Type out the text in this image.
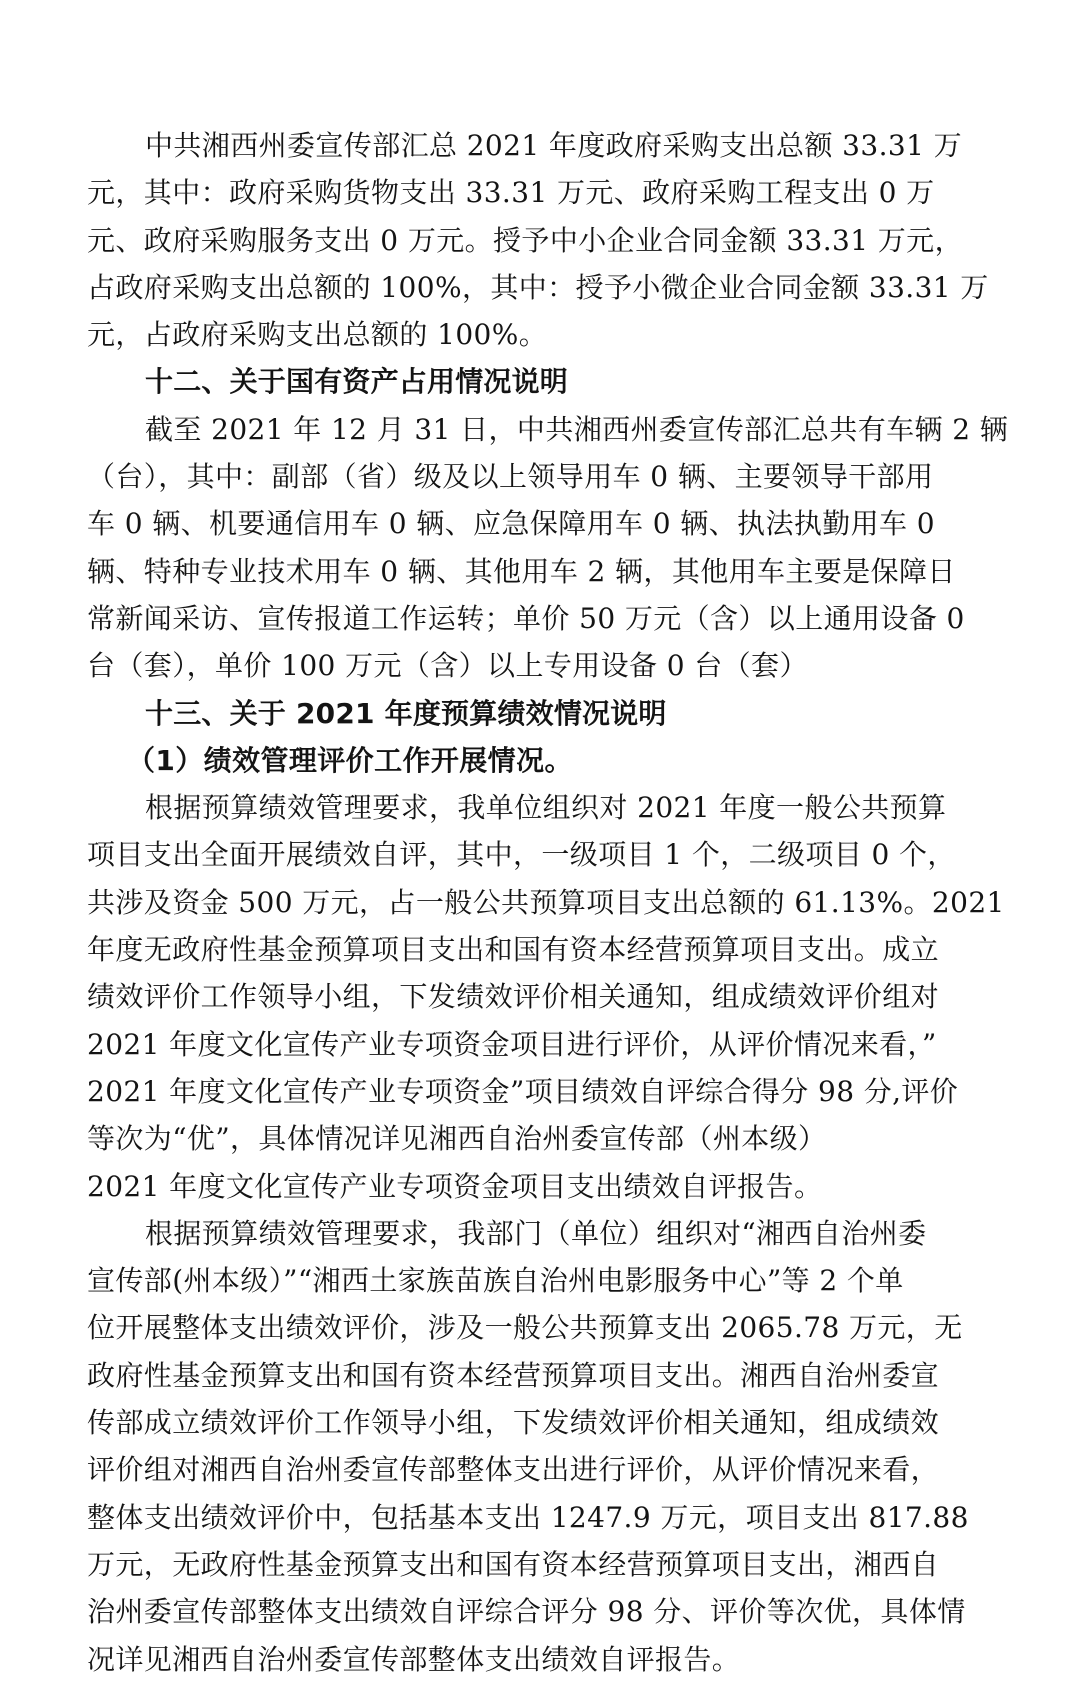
中共湘西州委宣传部汇总 2021 年度政府采购支出总额 33.31 万
元，其中：政府采购货物支出 33.31 万元、政府采购工程支出 0 万
元、政府采购服务支出 0 万元。授予中小企业合同金额 33.31 万元，
占政府采购支出总额的 100%，其中：授予小微企业合同金额 33.31 万
元，占政府采购支出总额的 100%。

十二、关于国有资产占用情况说明

截至 2021 年 12 月 31 日，中共湘西州委宣传部汇总共有车辆 2 辆
（台），其中：副部（省）级及以上领导用车 0 辆、主要领导干部用
车 0 辆、机要通信用车 0 辆、应急保障用车 0 辆、执法执勤用车 0
辆、特种专业技术用车 0 辆、其他用车 2 辆，其他用车主要是保障日
常新闻采访、宣传报道工作运转；单价 50 万元（含）以上通用设备 0
台（套），单价 100 万元（含）以上专用设备 0 台（套）

十三、关于 2021 年度预算绩效情况说明

（1）绩效管理评价工作开展情况。

根据预算绩效管理要求，我单位组织对 2021 年度一般公共预算
项目支出全面开展绩效自评，其中，一级项目 1 个，二级项目 0 个，
共涉及资金 500 万元，占一般公共预算项目支出总额的 61.13%。2021
年度无政府性基金预算项目支出和国有资本经营预算项目支出。成立
绩效评价工作领导小组，下发绩效评价相关通知，组成绩效评价组对
2021 年度文化宣传产业专项资金项目进行评价，从评价情况来看，”
2021 年度文化宣传产业专项资金”项目绩效自评综合得分 98 分,评价
等次为“优”，具体情况详见湘西自治州委宣传部（州本级）
2021 年度文化宣传产业专项资金项目支出绩效自评报告。

根据预算绩效管理要求，我部门（单位）组织对“湘西自治州委
宣传部(州本级）”“湘西土家族苗族自治州电影服务中心”等 2 个单
位开展整体支出绩效评价，涉及一般公共预算支出 2065.78 万元，无
政府性基金预算支出和国有资本经营预算项目支出。湘西自治州委宣
传部成立绩效评价工作领导小组，下发绩效评价相关通知，组成绩效
评价组对湘西自治州委宣传部整体支出进行评价，从评价情况来看，
整体支出绩效评价中，包括基本支出 1247.9 万元，项目支出 817.88
万元，无政府性基金预算支出和国有资本经营预算项目支出，湘西自
治州委宣传部整体支出绩效自评综合评分 98 分、评价等次优，具体情
况详见湘西自治州委宣传部整体支出绩效自评报告。
